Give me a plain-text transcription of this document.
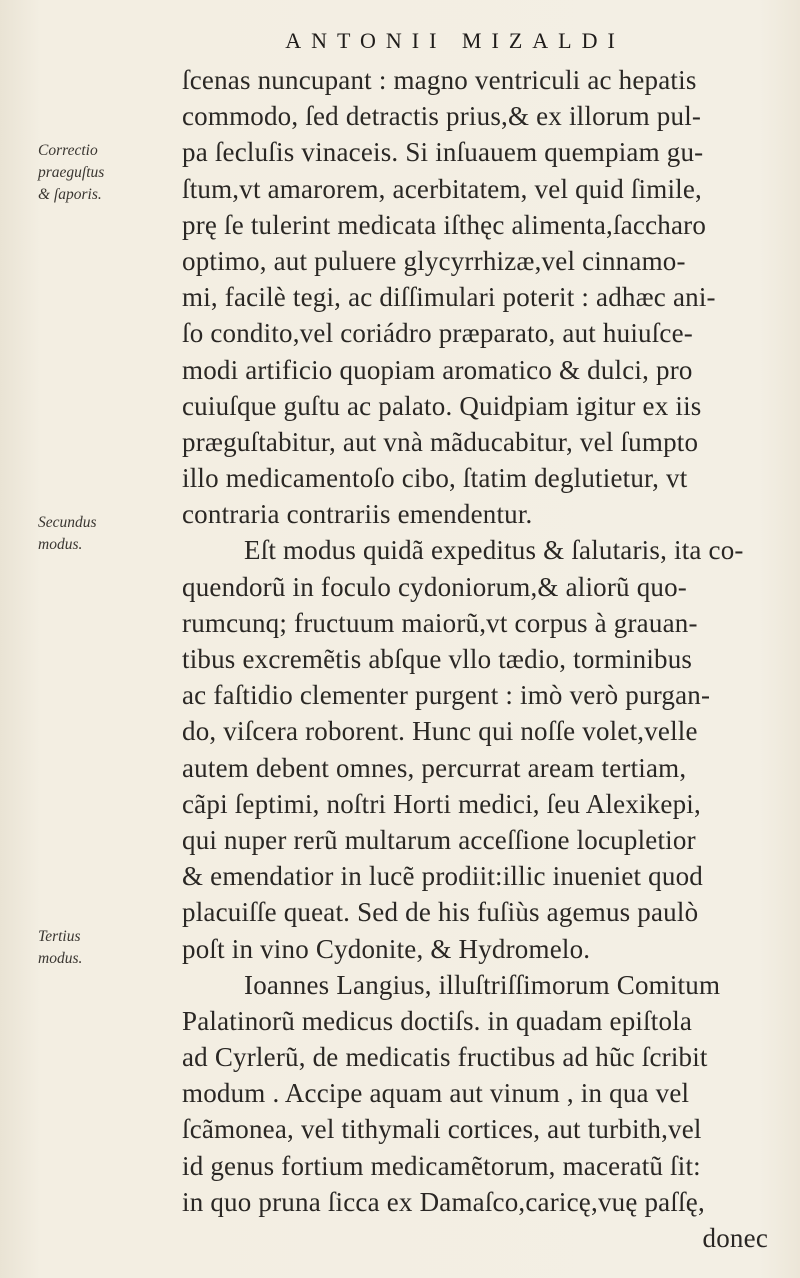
ANTONII MIZALDI
Correctio
praeguſtus
& ſaporis.
Secundus
modus.
Tertius
modus.
ſcenas nuncupant : magno ventriculi ac hepatis
commodo, ſed detractis prius,& ex illorum pul-
pa ſecluſis vinaceis. Si inſuauem quempiam gu-
ſtum,vt amarorem, acerbitatem, vel quid ſimile,
prę ſe tulerint medicata iſthęc alimenta,ſaccharo
optimo, aut puluere glycyrrhizæ,vel cinnamo-
mi, facilè tegi, ac diſſimulari poterit : adhæc ani-
ſo condito,vel coriádro præparato, aut huiuſce-
modi artificio quopiam aromatico & dulci, pro
cuiuſque guſtu ac palato. Quidpiam igitur ex iis
præguſtabitur, aut vnà mãducabitur, vel ſumpto
illo medicamentoſo cibo, ſtatim deglutietur, vt
contraria contrariis emendentur.
Eſt modus quidã expeditus & ſalutaris, ita co-
quendorũ in foculo cydoniorum,& aliorũ quo-
rumcunq; fructuum maiorũ,vt corpus à grauan-
tibus excremẽtis abſque vllo tædio, torminibus
ac faſtidio clementer purgent : imò verò purgan-
do, viſcera roborent. Hunc qui noſſe volet,velle
autem debent omnes, percurrat aream tertiam,
cãpi ſeptimi, noſtri Horti medici, ſeu Alexikepi,
qui nuper rerũ multarum acceſſione locupletior
& emendatior in lucẽ prodiit:illic inueniet quod
placuiſſe queat. Sed de his fuſiùs agemus paulò
poſt in vino Cydonite, & Hydromelo.
Ioannes Langius, illuſtriſſimorum Comitum
Palatinorũ medicus doctiſs. in quadam epiſtola
ad Cyrlerũ, de medicatis fructibus ad hũc ſcribit
modum . Accipe aquam aut vinum , in qua vel
ſcãmonea, vel tithymali cortices, aut turbith,vel
id genus fortium medicamẽtorum, maceratũ ſit:
in quo pruna ſicca ex Damaſco,caricę,vuę paſſę,
donec
